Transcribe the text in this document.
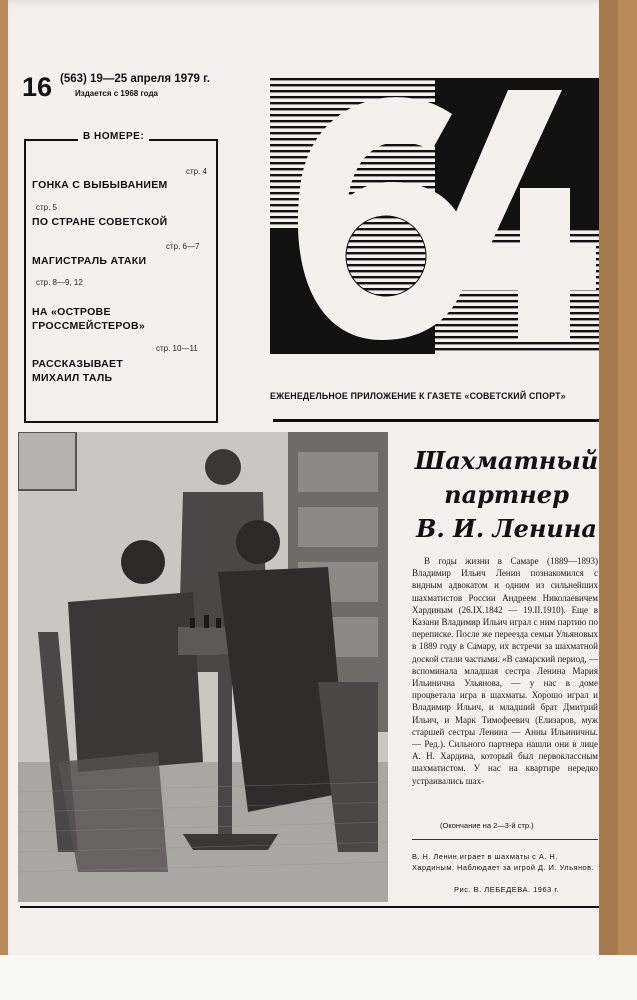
16 (563) 19—25 апреля 1979 г.
Издается с 1968 года
В НОМЕРЕ:
стр. 4
ГОНКА С ВЫБЫВАНИЕМ
стр. 5
ПО СТРАНЕ СОВЕТСКОЙ
стр. 6—7
МАГИСТРАЛЬ АТАКИ
стр. 8—9, 12
НА «ОСТРОВЕ
ГРОССМЕЙСТЕРОВ»
стр. 10—11
РАССКАЗЫВАЕТ
МИХАИЛ ТАЛЬ
ЕЖЕНЕДЕЛЬНОЕ ПРИЛОЖЕНИЕ К ГАЗЕТЕ «СОВЕТСКИЙ СПОРТ»
Шахматный
партнер
В. И. Ленина

В годы жизни в Самаре (1889—1893) Владимир Ильич Ленин познакомился с видным адвокатом и одним из сильнейших шахматистов России Андреем Николаевичем Хардиным (26.IX.1842 — 19.II.1910). Еще в Казани Владимир Ильич играл с ним партию по переписке. После же переезда семьи Ульяновых в 1889 году в Самару, их встречи за шахматной доской стали частыми. «В самарский период, — вспоминала младшая сестра Ленина Мария Ильинична Ульянова, — у нас в доме процветала игра в шахматы. Хорошо играл и Владимир Ильич, и младший брат Дмитрий Ильич, и Марк Тимофеевич (Елизаров, муж старшей сестры Ленина — Анны Ильиничны. — Ред.). Сильного партнера нашли они в лице А. Н. Хардина, который был первоклассным шахматистом. У нас на квартире нередко устраивались шах-

(Окончание на 2—3-й стр.)

В. Н. Ленин играет в шахматы с А. Н. Хардиным. Наблюдает за игрой Д. И. Ульянов.

Рис. В. ЛЕБЕДЕВА. 1963 г.
